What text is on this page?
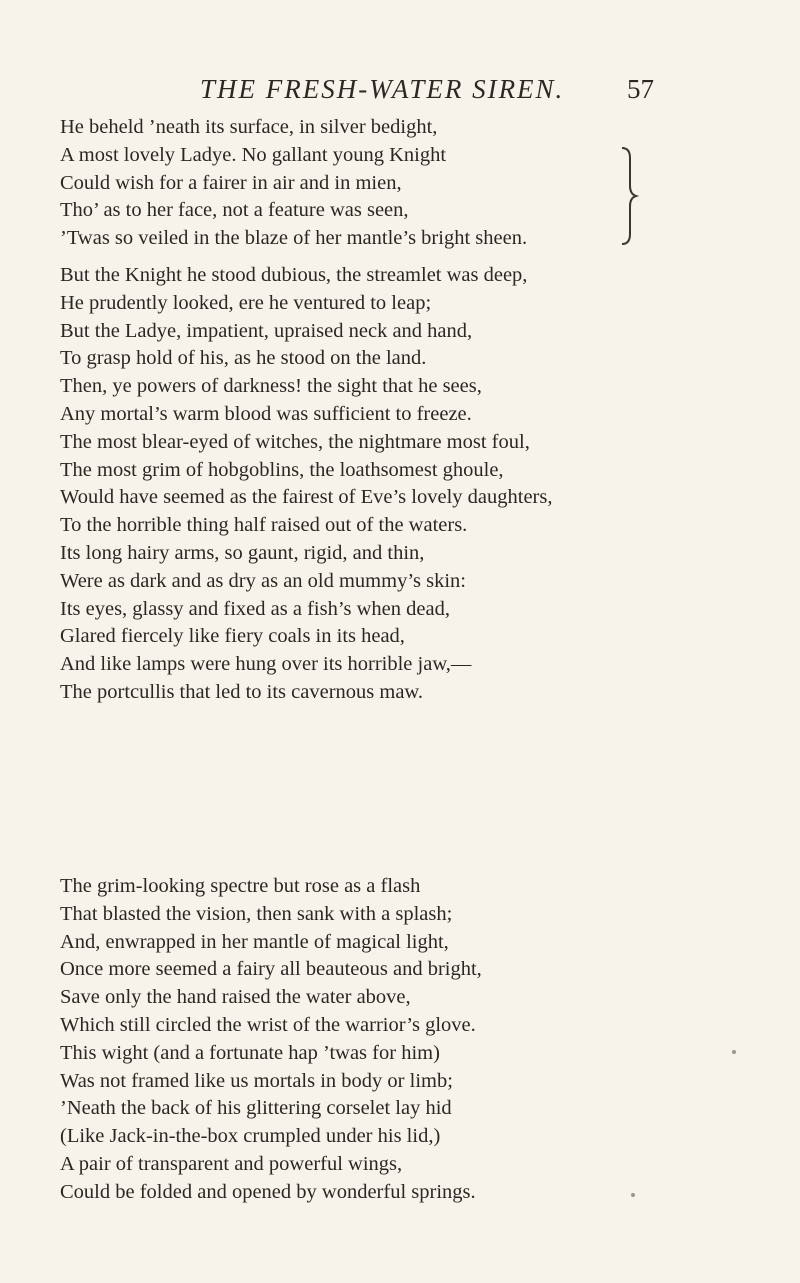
THE FRESH-WATER SIREN. 57
He beheld ’neath its surface, in silver bedight,
A most lovely Ladye. No gallant young Knight
Could wish for a fairer in air and in mien,
Tho’ as to her face, not a feature was seen,
’Twas so veiled in the blaze of her mantle’s bright sheen.
But the Knight he stood dubious, the streamlet was deep,
He prudently looked, ere he ventured to leap;
But the Ladye, impatient, upraised neck and hand,
To grasp hold of his, as he stood on the land.
Then, ye powers of darkness! the sight that he sees,
Any mortal’s warm blood was sufficient to freeze.
The most blear-eyed of witches, the nightmare most foul,
The most grim of hobgoblins, the loathsomest ghoule,
Would have seemed as the fairest of Eve’s lovely daughters,
To the horrible thing half raised out of the waters.
Its long hairy arms, so gaunt, rigid, and thin,
Were as dark and as dry as an old mummy’s skin:
Its eyes, glassy and fixed as a fish’s when dead,
Glared fiercely like fiery coals in its head,
And like lamps were hung over its horrible jaw,—
The portcullis that led to its cavernous maw.
The grim-looking spectre but rose as a flash
That blasted the vision, then sank with a splash;
And, enwrapped in her mantle of magical light,
Once more seemed a fairy all beauteous and bright,
Save only the hand raised the water above,
Which still circled the wrist of the warrior’s glove.
This wight (and a fortunate hap ’twas for him)
Was not framed like us mortals in body or limb;
’Neath the back of his glittering corselet lay hid
(Like Jack-in-the-box crumpled under his lid,)
A pair of transparent and powerful wings,
Could be folded and opened by wonderful springs.
